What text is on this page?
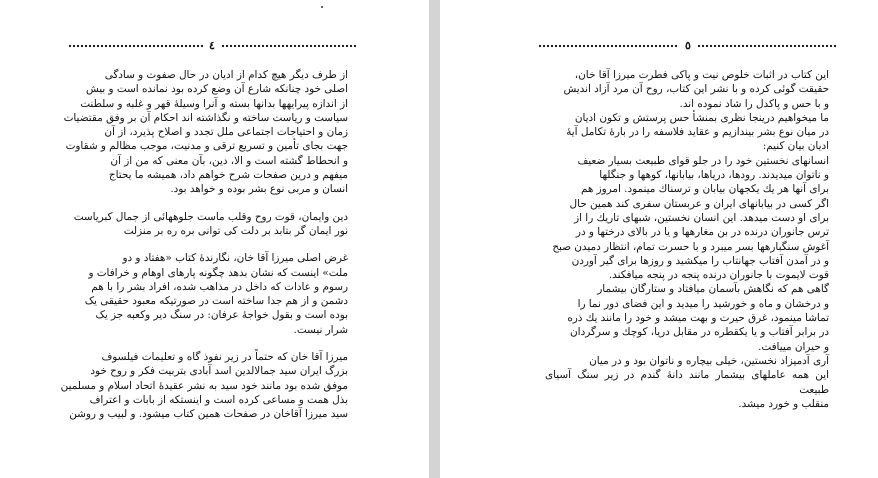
٤

از طرف دیگر هیچ کدام از ادیان در حال صفوت و سادگی

اصلی خود چنانکه شارع آن وضع کرده بود نمانده است و بیش

از اندازه پیرایهها بدانها بسته و آنرا وسیلهٔ قهر و غلبه و سلطنت

سیاست و ریاست ساخته و نگذاشته اند احکام آن بر وفق مقتضیات

زمان و احتیاجات اجتماعی ملل تجدد و اصلاح پذیرد، از آن

جهت بجای تأمین و تسریع ترقی و مدنیت، موجب مظالم و شقاوت

و انحطاط گشته است و الا، دین، بآن معنی که من از آن

میفهم و درین صفحات شرح خواهم داد، همیشه ما یحتاج

انسان و مربی نوع بشر بوده و خواهد بود.

دین وایمان، قوت روح وقلب ماست جلوههائی از جمال کبریاست

نور ایمان گر بتابد بر دلت کی توانی بره ره بر منزلت

غرض اصلی میرزا آقا خان، نگارندهٔ کتاب «هفتاد و دو

ملت» اینست که نشان بدهد چگونه پارهای اوهام و خرافات و

رسوم و عادات که داخل در مذاهب شده، افراد بشر را با هم

دشمن و از هم جدا ساخته است در صورتیکه معبود حقیقی یک

بوده است و بقول خواجهٔ عرفان: در سنگ دیر وکعبه جز یک

شرار نیست.

میرزا آقا خان که حتماً در زیر نفوذ گاه و تعلیمات فیلسوف

بزرگ ایران سید جمالالدین اسد آبادی بتربیت فکر و روح خود

موفق شده بود مانند خود سید به نشر عقیدهٔ اتحاد اسلام و مسلمین

بذل همت و مساعی کرده است و اینستکه از بابات و اعتراف

سید میرزا آقاخان در صفحات همین کتاب میشود. و لبیب و روشن

٥

این کتاب در اثبات خلوص نیت و پاکی فطرت میرزا آقا خان،

حقیقت گوئی کرده و با نشر این کتاب، روح آن مرد آزاد اندیش

و با حس و پاکدل را شاد نموده اند.

ما میخواهیم درینجا نظری بمنشأ حس پرستش و تکون ادیان

در میان نوع بشر بیندازیم و عقاید فلاسفه را در بارهٔ تکامل آیهٔ

ادیان بیان کنیم:

انسانهای نخستین خود را در جلو قوای طبیعت بسیار ضعیف

و ناتوان میدیدند. رودها، دریاها، بیابانها، کوهها و جنگلها

برای آنها هر یك یکجهان بیابان و ترسناك مینمود. امروز هم

اگر کسی در بیابانهای ایران و عربستان سفری کند همین حال

برای او دست میدهد. این انسان نخستین، شبهای تاریك را از

ترس جانوران درنده در بن مغارهها و یا در بالای درختها و در

آغوش سنگبارهها بسر میبرد و با حسرت تمام، انتظار دمیدن صبح

و در آمدن آفتاب جهانتاب را میکشید و روزها برای گیر آوردن

قوت لایموت با جانوران درنده پنجه در پنجه میافکند.

گاهی هم که نگاهش بآسمان میافتاد و ستارگان بیشمار

و درخشان و ماه و خورشید را میدید و این فضای دور نما را

تماشا مینمود، غرق حیرت و بهت میشد و خود را مانند یك ذره

در برابر آفتاب و یا یکقطره در مقابل دریا، کوچك و سرگردان

و حیران مییافت.

آری آدمیزاد نخستین، خیلی بیچاره و ناتوان بود و در میان

این همه عاملهای بیشمار مانند دانهٔ گندم در زیر سنگ آسیای طبیعت

منقلب و خورد میشد.
